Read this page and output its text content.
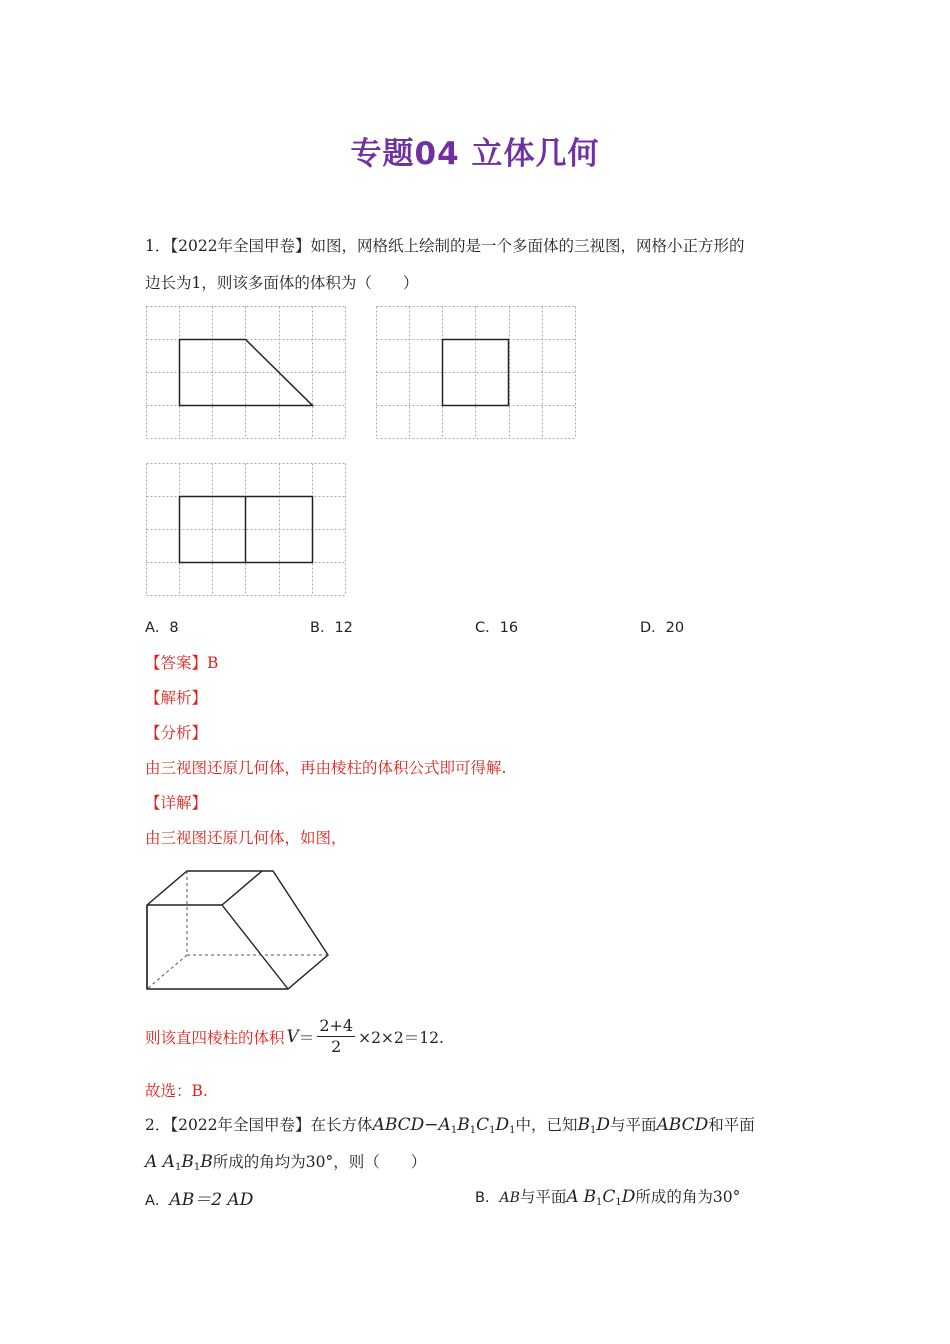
专题04 立体几何
1．【2022年全国甲卷】如图，网格纸上绘制的是一个多面体的三视图，网格小正方形的
边长为1，则该多面体的体积为（　　）
A．8	B．12	C．16	D．20
【答案】B
【解析】
【分析】
由三视图还原几何体，再由棱柱的体积公式即可得解.
【详解】
由三视图还原几何体，如图，
则该直四棱柱的体积 $V = \frac{2+4}{2} \times 2\times 2=12$.
故选：B.
2．【2022年全国甲卷】在长方体$ABCD-A_1B_1C_1D_1$中，已知$B_1D$与平面ABCD和平面
A $A_1B_1B$所成的角均为30°，则（　　）
A．AB＝2 AD	B．AB与平面A $B_1C_1D$所成的角为30°
